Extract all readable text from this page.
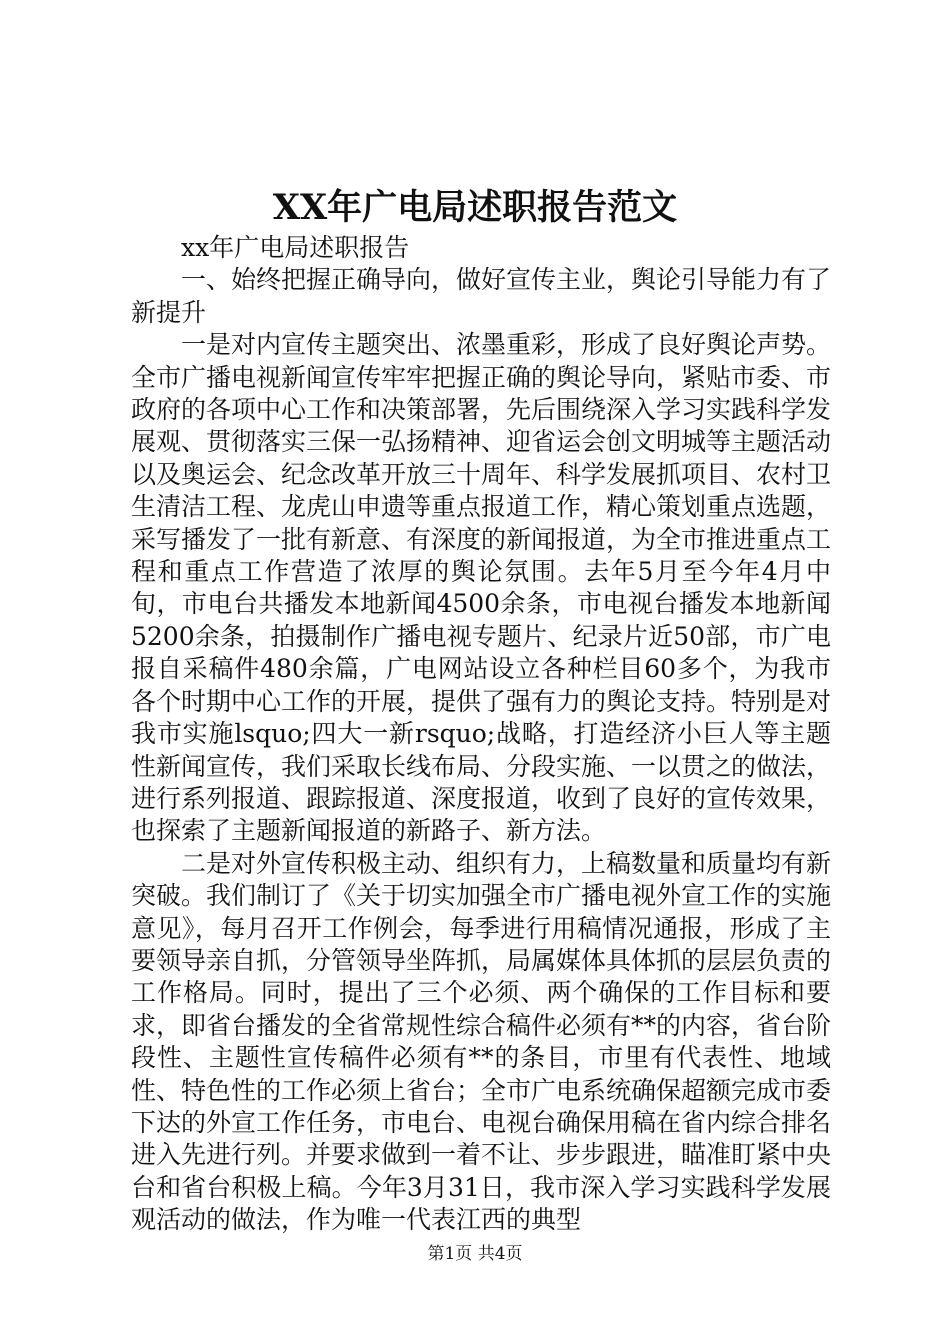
XX年广电局述职报告范文

xx年广电局述职报告

一、始终把握正确导向，做好宣传主业，舆论引导能力有了新提升

一是对内宣传主题突出、浓墨重彩，形成了良好舆论声势。全市广播电视新闻宣传牢牢把握正确的舆论导向，紧贴市委、市政府的各项中心工作和决策部署，先后围绕深入学习实践科学发展观、贯彻落实三保一弘扬精神、迎省运会创文明城等主题活动以及奥运会、纪念改革开放三十周年、科学发展抓项目、农村卫生清洁工程、龙虎山申遗等重点报道工作，精心策划重点选题，采写播发了一批有新意、有深度的新闻报道，为全市推进重点工程和重点工作营造了浓厚的舆论氛围。去年5月至今年4月中旬，市电台共播发本地新闻4500余条，市电视台播发本地新闻5200余条，拍摄制作广播电视专题片、纪录片近50部，市广电报自采稿件480余篇，广电网站设立各种栏目60多个，为我市各个时期中心工作的开展，提供了强有力的舆论支持。特别是对我市实施lsquo;四大一新rsquo;战略，打造经济小巨人等主题性新闻宣传，我们采取长线布局、分段实施、一以贯之的做法，进行系列报道、跟踪报道、深度报道，收到了良好的宣传效果，也探索了主题新闻报道的新路子、新方法。

二是对外宣传积极主动、组织有力，上稿数量和质量均有新突破。我们制订了《关于切实加强全市广播电视外宣工作的实施意见》，每月召开工作例会，每季进行用稿情况通报，形成了主要领导亲自抓，分管领导坐阵抓，局属媒体具体抓的层层负责的工作格局。同时，提出了三个必须、两个确保的工作目标和要求，即省台播发的全省常规性综合稿件必须有**的内容，省台阶段性、主题性宣传稿件必须有**的条目，市里有代表性、地域性、特色性的工作必须上省台；全市广电系统确保超额完成市委下达的外宣工作任务，市电台、电视台确保用稿在省内综合排名进入先进行列。并要求做到一着不让、步步跟进，瞄准盯紧中央台和省台积极上稿。今年3月31日，我市深入学习实践科学发展观活动的做法，作为唯一代表江西的典型

第1页 共4页
